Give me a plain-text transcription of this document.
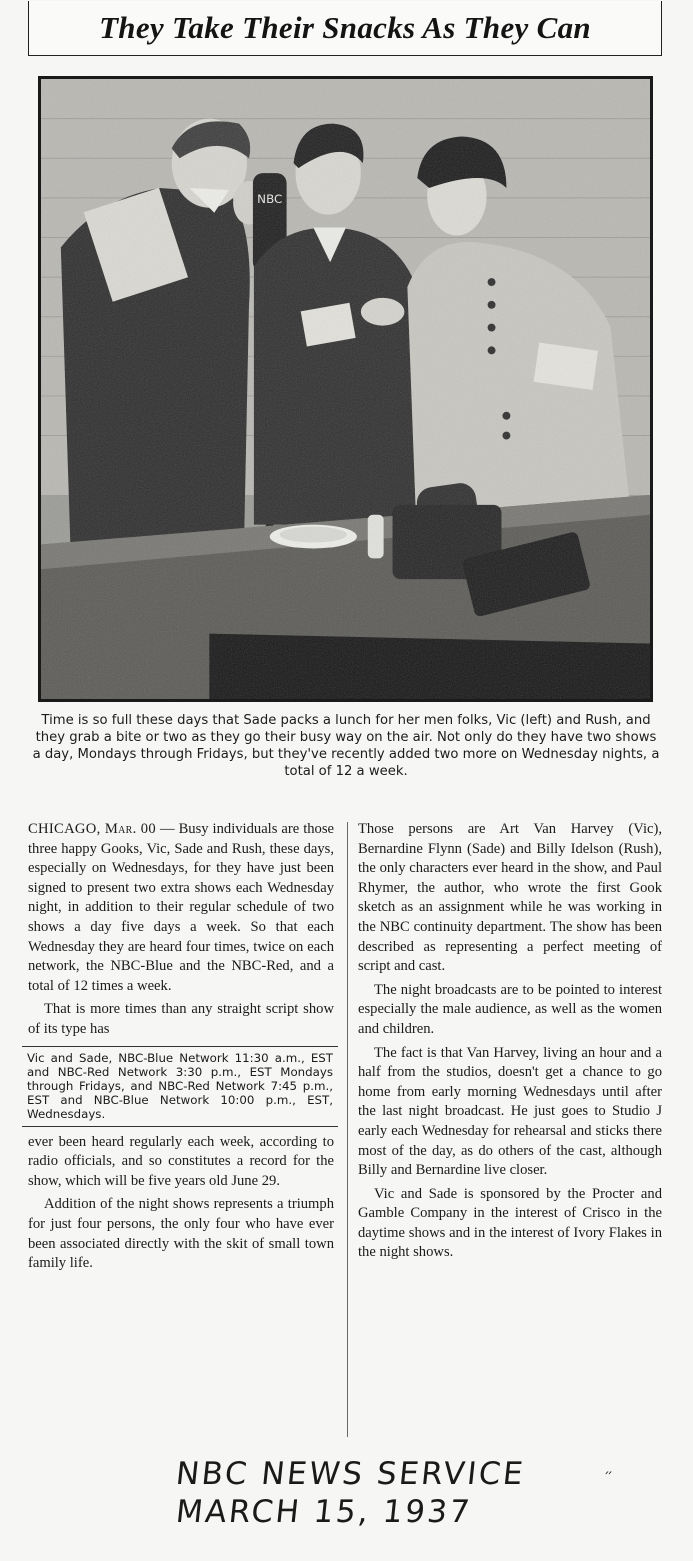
They Take Their Snacks As They Can

Time is so full these days that Sade packs a lunch for her men folks, Vic (left) and Rush, and they grab a bite or two as they go their busy way on the air. Not only do they have two shows a day, Mondays through Fridays, but they've recently added two more on Wednesday nights, a total of 12 a week.

CHICAGO, Mar. 00 — Busy individuals are those three happy Gooks, Vic, Sade and Rush, these days, especially on Wednesdays, for they have just been signed to present two extra shows each Wednesday night, in addition to their regular schedule of two shows a day five days a week. So that each Wednesday they are heard four times, twice on each network, the NBC-Blue and the NBC-Red, and a total of 12 times a week.

That is more times than any straight script show of its type has

Vic and Sade, NBC-Blue Network 11:30 a.m., EST and NBC-Red Network 3:30 p.m., EST Mondays through Fridays, and NBC-Red Network 7:45 p.m., EST and NBC-Blue Network 10:00 p.m., EST, Wednesdays.

ever been heard regularly each week, according to radio officials, and so constitutes a record for the show, which will be five years old June 29.

Addition of the night shows represents a triumph for just four persons, the only four who have ever been associated directly with the skit of small town family life.

Those persons are Art Van Harvey (Vic), Bernardine Flynn (Sade) and Billy Idelson (Rush), the only characters ever heard in the show, and Paul Rhymer, the author, who wrote the first Gook sketch as an assignment while he was working in the NBC continuity department. The show has been described as representing a perfect meeting of script and cast.

The night broadcasts are to be pointed to interest especially the male audience, as well as the women and children.

The fact is that Van Harvey, living an hour and a half from the studios, doesn't get a chance to go home from early morning Wednesdays until after the last night broadcast. He just goes to Studio J early each Wednesday for rehearsal and sticks there most of the day, as do others of the cast, although Billy and Bernardine live closer.

Vic and Sade is sponsored by the Procter and Gamble Company in the interest of Crisco in the daytime shows and in the interest of Ivory Flakes in the night shows.

NBC NEWS SERVICE
MARCH 15, 1937
״
